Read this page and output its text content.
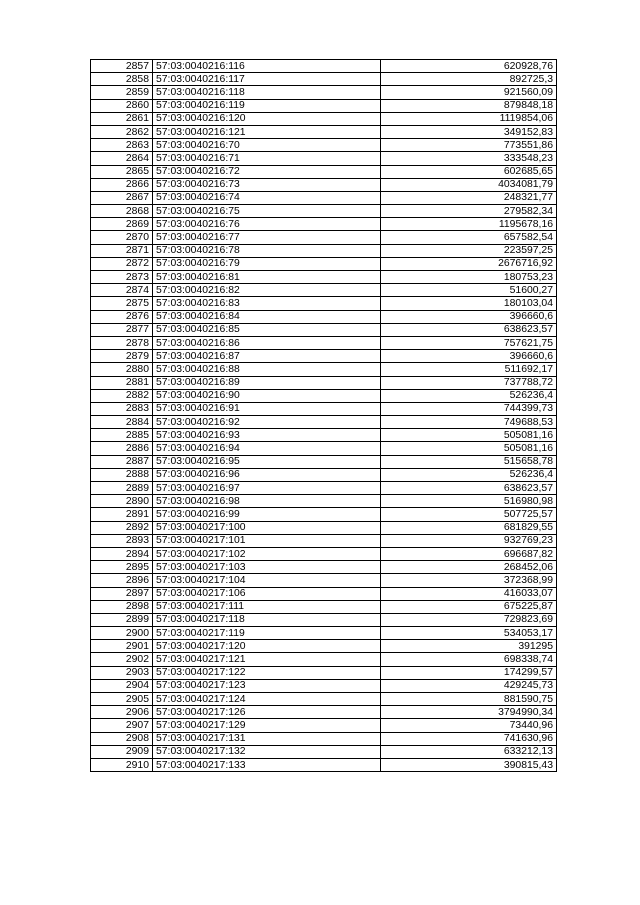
2857	57:03:0040216:116	620928,76
2858	57:03:0040216:117	892725,3
2859	57:03:0040216:118	921560,09
2860	57:03:0040216:119	879848,18
2861	57:03:0040216:120	1119854,06
2862	57:03:0040216:121	349152,83
2863	57:03:0040216:70	773551,86
2864	57:03:0040216:71	333548,23
2865	57:03:0040216:72	602685,65
2866	57:03:0040216:73	4034081,79
2867	57:03:0040216:74	248321,77
2868	57:03:0040216:75	279582,34
2869	57:03:0040216:76	1195678,16
2870	57:03:0040216:77	657582,54
2871	57:03:0040216:78	223597,25
2872	57:03:0040216:79	2676716,92
2873	57:03:0040216:81	180753,23
2874	57:03:0040216:82	51600,27
2875	57:03:0040216:83	180103,04
2876	57:03:0040216:84	396660,6
2877	57:03:0040216:85	638623,57
2878	57:03:0040216:86	757621,75
2879	57:03:0040216:87	396660,6
2880	57:03:0040216:88	511692,17
2881	57:03:0040216:89	737788,72
2882	57:03:0040216:90	526236,4
2883	57:03:0040216:91	744399,73
2884	57:03:0040216:92	749688,53
2885	57:03:0040216:93	505081,16
2886	57:03:0040216:94	505081,16
2887	57:03:0040216:95	515658,78
2888	57:03:0040216:96	526236,4
2889	57:03:0040216:97	638623,57
2890	57:03:0040216:98	516980,98
2891	57:03:0040216:99	507725,57
2892	57:03:0040217:100	681829,55
2893	57:03:0040217:101	932769,23
2894	57:03:0040217:102	696687,82
2895	57:03:0040217:103	268452,06
2896	57:03:0040217:104	372368,99
2897	57:03:0040217:106	416033,07
2898	57:03:0040217:111	675225,87
2899	57:03:0040217:118	729823,69
2900	57:03:0040217:119	534053,17
2901	57:03:0040217:120	391295
2902	57:03:0040217:121	698338,74
2903	57:03:0040217:122	174299,57
2904	57:03:0040217:123	429245,73
2905	57:03:0040217:124	881590,75
2906	57:03:0040217:126	3794990,34
2907	57:03:0040217:129	73440,96
2908	57:03:0040217:131	741630,96
2909	57:03:0040217:132	633212,13
2910	57:03:0040217:133	390815,43
